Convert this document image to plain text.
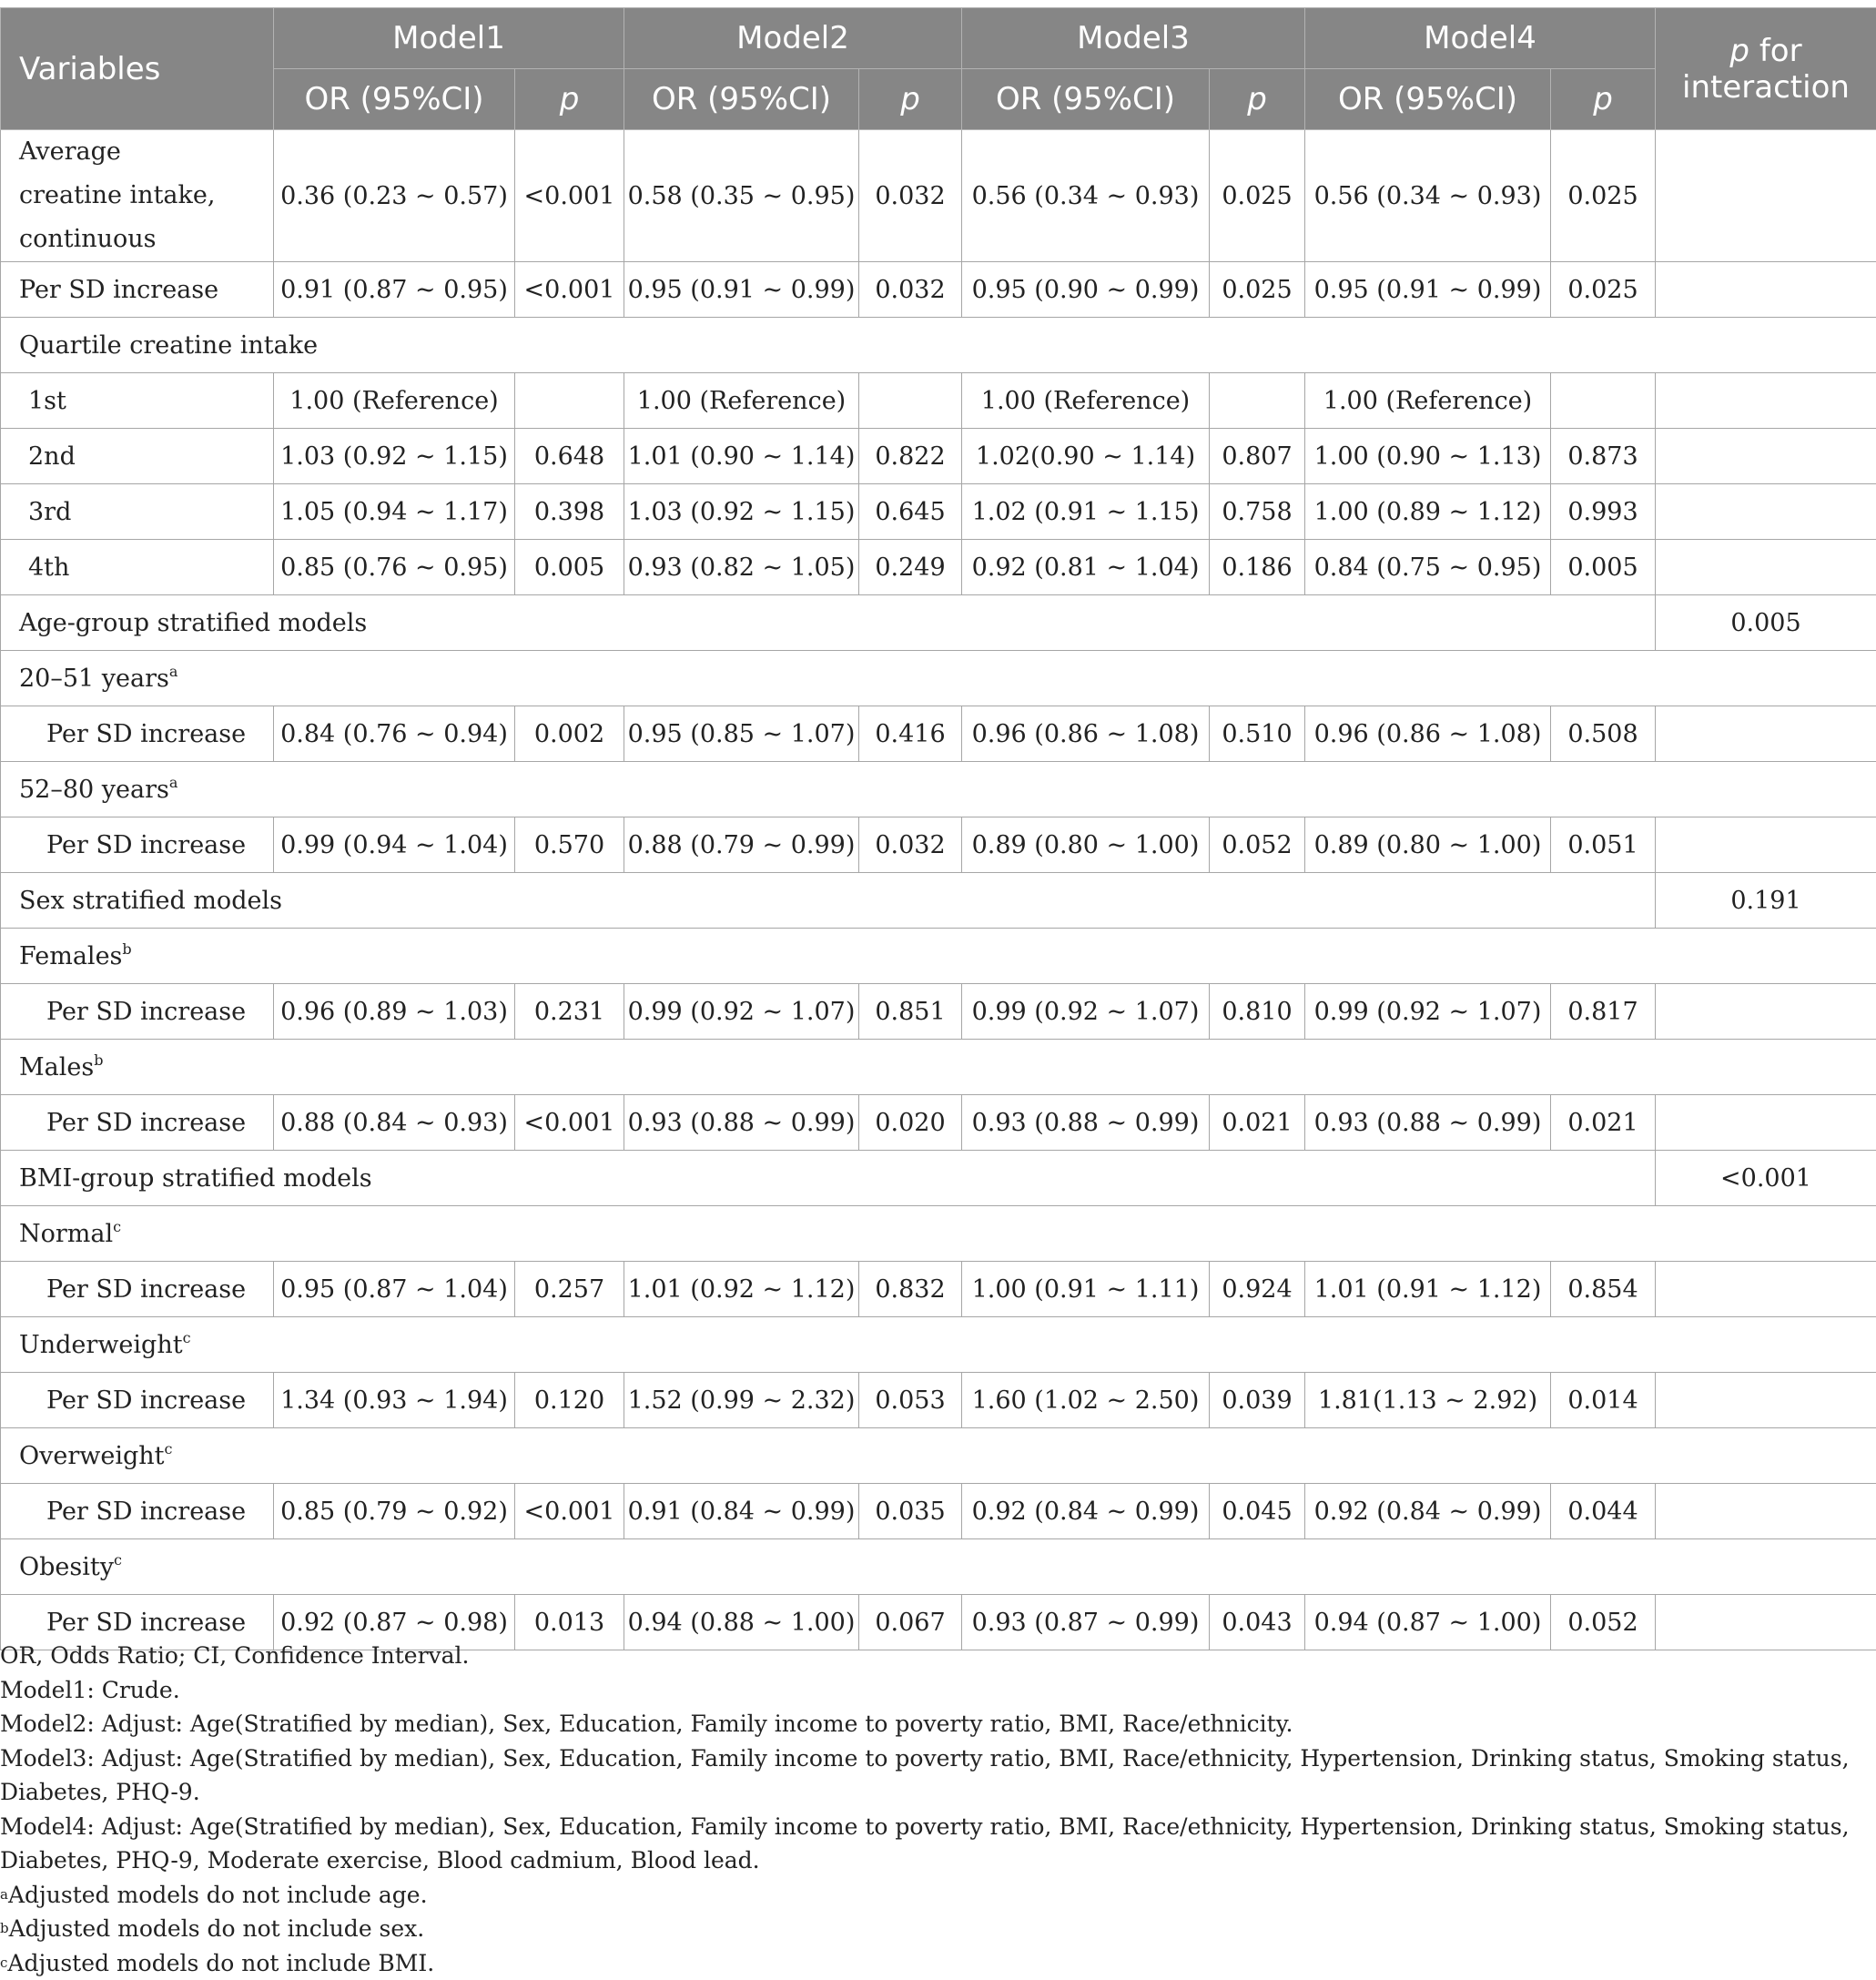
Variables	Model1		Model2		Model3		Model4		p for interaction
	OR (95%CI)	p	OR (95%CI)	p	OR (95%CI)	p	OR (95%CI)	p	

Average creatine intake, continuous	0.36 (0.23 ~ 0.57)	<0.001	0.58 (0.35 ~ 0.95)	0.032	0.56 (0.34 ~ 0.93)	0.025	0.56 (0.34 ~ 0.93)	0.025	
Per SD increase	0.91 (0.87 ~ 0.95)	<0.001	0.95 (0.91 ~ 0.99)	0.032	0.95 (0.90 ~ 0.99)	0.025	0.95 (0.91 ~ 0.99)	0.025	
Quartile creatine intake									
1st	1.00 (Reference)		1.00 (Reference)		1.00 (Reference)		1.00 (Reference)		
2nd	1.03 (0.92 ~ 1.15)	0.648	1.01 (0.90 ~ 1.14)	0.822	1.02(0.90 ~ 1.14)	0.807	1.00 (0.90 ~ 1.13)	0.873	
3rd	1.05 (0.94 ~ 1.17)	0.398	1.03 (0.92 ~ 1.15)	0.645	1.02 (0.91 ~ 1.15)	0.758	1.00 (0.89 ~ 1.12)	0.993	
4th	0.85 (0.76 ~ 0.95)	0.005	0.93 (0.82 ~ 1.05)	0.249	0.92 (0.81 ~ 1.04)	0.186	0.84 (0.75 ~ 0.95)	0.005	
Age-group stratified models									0.005
20–51 years$^a$
Per SD increase	0.84 (0.76 ~ 0.94)	0.002	0.95 (0.85 ~ 1.07)	0.416	0.96 (0.86 ~ 1.08)	0.510	0.96 (0.86 ~ 1.08)	0.508	
52–80 years$^a$
Per SD increase	0.99 (0.94 ~ 1.04)	0.570	0.88 (0.79 ~ 0.99)	0.032	0.89 (0.80 ~ 1.00)	0.052	0.89 (0.80 ~ 1.00)	0.051	
Sex stratified models									0.191
Females$^b$
Per SD increase	0.96 (0.89 ~ 1.03)	0.231	0.99 (0.92 ~ 1.07)	0.851	0.99 (0.92 ~ 1.07)	0.810	0.99 (0.92 ~ 1.07)	0.817	
Males$^b$
Per SD increase	0.88 (0.84 ~ 0.93)	<0.001	0.93 (0.88 ~ 0.99)	0.020	0.93 (0.88 ~ 0.99)	0.021	0.93 (0.88 ~ 0.99)	0.021	
BMI-group stratified models									<0.001
Normal$^c$
Per SD increase	0.95 (0.87 ~ 1.04)	0.257	1.01 (0.92 ~ 1.12)	0.832	1.00 (0.91 ~ 1.11)	0.924	1.01 (0.91 ~ 1.12)	0.854	
Underweight$^c$
Per SD increase	1.34 (0.93 ~ 1.94)	0.120	1.52 (0.99 ~ 2.32)	0.053	1.60 (1.02 ~ 2.50)	0.039	1.81(1.13 ~ 2.92)	0.014	
Overweight$^c$
Per SD increase	0.85 (0.79 ~ 0.92)	<0.001	0.91 (0.84 ~ 0.99)	0.035	0.92 (0.84 ~ 0.99)	0.045	0.92 (0.84 ~ 0.99)	0.044	
Obesity$^c$
Per SD increase	0.92 (0.87 ~ 0.98)	0.013	0.94 (0.88 ~ 1.00)	0.067	0.93 (0.87 ~ 0.99)	0.043	0.94 (0.87 ~ 1.00)	0.052	

OR, Odds Ratio; CI, Confidence Interval.

Model1: Crude.

Model2: Adjust: Age(Stratified by median), Sex, Education, Family income to poverty ratio, BMI, Race/ethnicity.

Model3: Adjust: Age(Stratified by median), Sex, Education, Family income to poverty ratio, BMI, Race/ethnicity, Hypertension, Drinking status, Smoking status, Diabetes, PHQ-9.

Model4: Adjust: Age(Stratified by median), Sex, Education, Family income to poverty ratio, BMI, Race/ethnicity, Hypertension, Drinking status, Smoking status, Diabetes, PHQ-9, Moderate exercise, Blood cadmium, Blood lead.

$^a$Adjusted models do not include age.

$^b$Adjusted models do not include sex.

$^c$Adjusted models do not include BMI.
